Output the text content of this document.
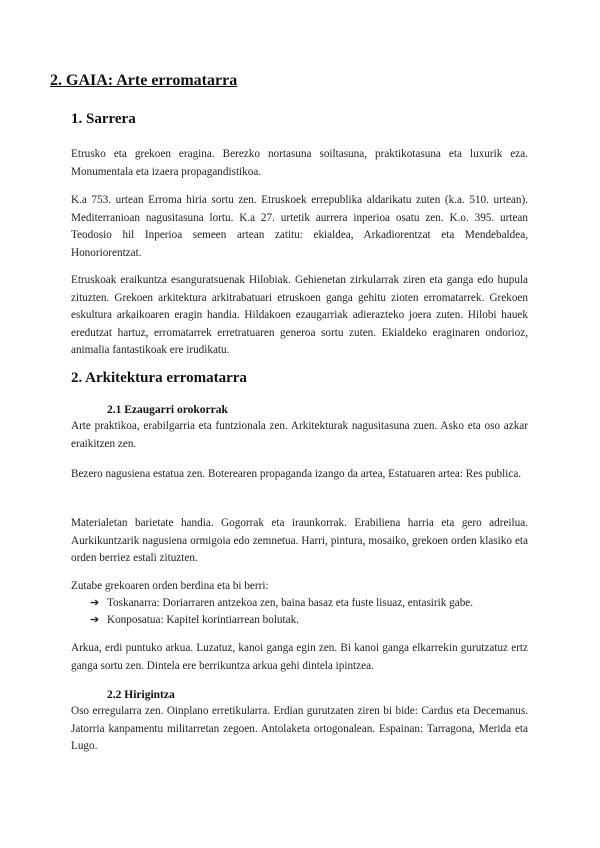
2. GAIA: Arte erromatarra
1. Sarrera

Etrusko eta grekoen eragina. Berezko nortasuna soiltasuna, praktikotasuna eta luxurik eza. Monumentala eta izaera propagandistikoa.

K.a 753. urtean Erroma hiria sortu zen. Etruskoek errepublika aldarikatu zuten (k.a. 510. urtean). Mediterranioan nagusitasuna lortu. K.a 27. urtetik aurrera inperioa osatu zen. K.o. 395. urtean Teodosio hil Inperioa semeen artean zatitu: ekialdea, Arkadiorentzat eta Mendebaldea, Honoriorentzat.

Etruskoak eraikuntza esanguratsuenak Hilobiak. Gehienetan zirkularrak ziren eta ganga edo hupula zituzten. Grekoen arkitektura arkitrabatuari etruskoen ganga gehitu zioten erromatarrek. Grekoen eskultura arkaikoaren eragin handia. Hildakoen ezaugarriak adierazteko joera zuten. Hilobi hauek eredutzat hartuz, erromatarrek erretratuaren generoa sortu zuten. Ekialdeko eraginaren ondorioz, animalia fantastikoak ere irudikatu.

2. Arkitektura erromatarra
2.1 Ezaugarri orokorrak

Arte praktikoa, erabilgarria eta funtzionala zen. Arkitekturak nagusitasuna zuen. Asko eta oso azkar eraikitzen zen.

Bezero nagusiena estatua zen. Boterearen propaganda izango da artea, Estatuaren artea: Res publica.

Materialetan barietate handia. Gogorrak eta iraunkorrak. Erabiliena harria eta gero adreilua. Aurkikuntzarik nagusiena ormigoia edo zemnetua. Harri, pintura, mosaiko, grekoen orden klasiko eta orden berriez estali zituzten.

Zutabe grekoaren orden berdina eta bi berri:

➔ Toskanarra: Doriarraren antzekoa zen, baina basaz eta fuste lisuaz, entasirik gabe.
➔ Konposatua: Kapitel korintiarrean bolutak.

Arkua, erdi puntuko arkua. Luzatuz, kanoi ganga egin zen. Bi kanoi ganga elkarrekin gurutzatuz ertz ganga sortu zen. Dintela ere berrikuntza arkua gehi dintela ipintzea.

2.2 Hirigintza

Oso erregularra zen. Oinplano erretikularra. Erdian gurutzaten ziren bi bide: Cardus eta Decemanus. Jatorria kanpamentu militarretan zegoen. Antolaketa ortogonalean. Espainan: Tarragona, Merida eta Lugo.
